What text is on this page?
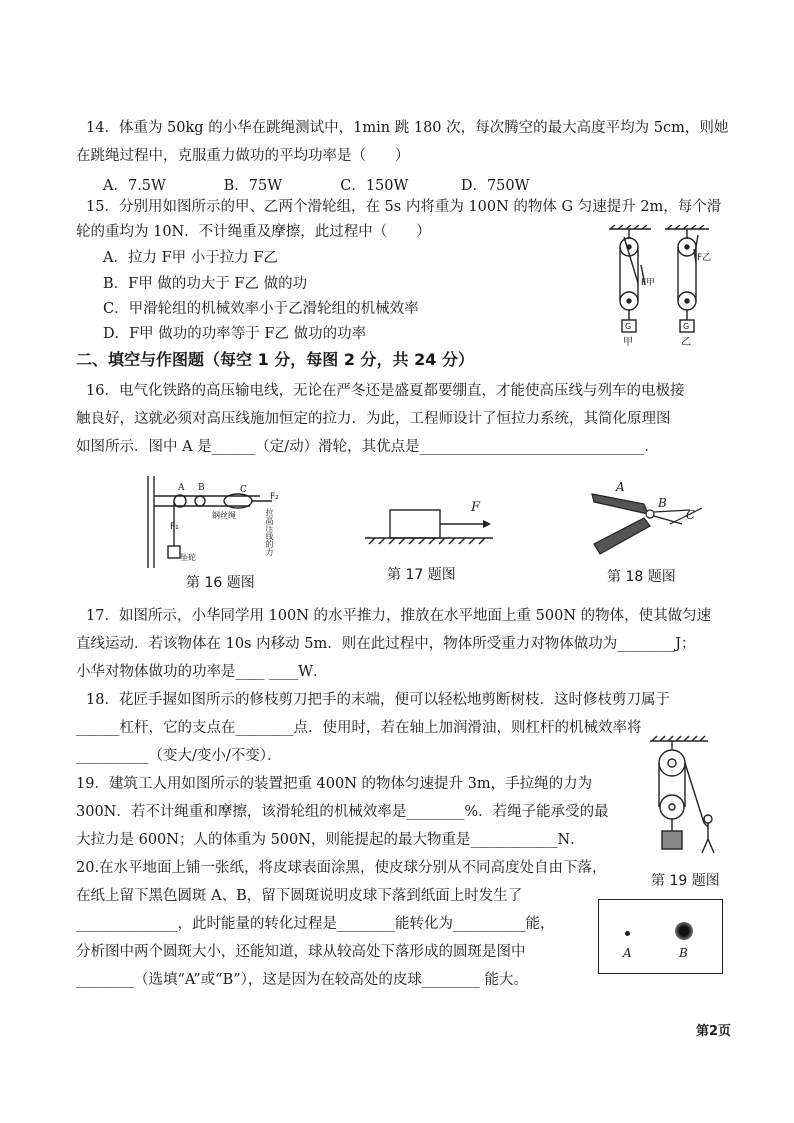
14．体重为 50kg 的小华在跳绳测试中，1min 跳 180 次，每次腾空的最大高度平均为 5cm，则她
在跳绳过程中，克服重力做功的平均功率是（　　）
A．7.5W	B．75W	C．150W	D．750W
15．分别用如图所示的甲、乙两个滑轮组，在 5s 内将重为 100N 的物体 G 匀速提升 2m，每个滑
轮的重均为 10N．不计绳重及摩擦，此过程中（　　）
A．拉力 F甲 小于拉力 F乙
B．F甲 做的功大于 F乙 做的功
C．甲滑轮组的机械效率小于乙滑轮组的机械效率
D．F甲 做功的功率等于 F乙 做功的功率	G	G
F甲
F乙
甲	乙
二、填空与作图题（每空 1 分，每图 2 分，共 24 分）
16．电气化铁路的高压输电线，无论在严冬还是盛夏都要绷直，才能使高压线与列车的电极接
触良好，这就必须对高压线施加恒定的拉力．为此，工程师设计了恒拉力系统，其简化原理图
如图所示．图中 A 是______（定/动）滑轮，其优点是_______________________________．
A B	C
F₂
F₁
钢丝绳
坠砣
拉高压线的力
第 16 题图
F
第 17 题图
A
B
C
第 18 题图
17．如图所示，小华同学用 100N 的水平推力，推放在水平地面上重 500N 的物体，使其做匀速
直线运动．若该物体在 10s 内移动 5m．则在此过程中，物体所受重力对物体做功为________J；
小华对物体做功的功率是____ ____W．
18．花匠手握如图所示的修枝剪刀把手的末端，便可以轻松地剪断树枝．这时修枝剪刀属于
______杠杆，它的支点在________点．使用时，若在轴上加润滑油，则杠杆的机械效率将
__________（变大/变小/不变）．
第 19 题图
19．建筑工人用如图所示的装置把重 400N 的物体匀速提升 3m，手拉绳的力为
300N．若不计绳重和摩擦，该滑轮组的机械效率是________%．若绳子能承受的最
大拉力是 600N；人的体重为 500N，则能提起的最大物重是____________N．
20.在水平地面上铺一张纸，将皮球表面涂黑，使皮球分别从不同高度处自由下落，
在纸上留下黑色圆斑 A、B，留下圆斑说明皮球下落到纸面上时发生了
______________，此时能量的转化过程是________能转化为__________能，
分析图中两个圆斑大小，还能知道，球从较高处下落形成的圆斑是图中
________（选填“A”或“B”），这是因为在较高处的皮球________ 能大。
A	B
第2页
